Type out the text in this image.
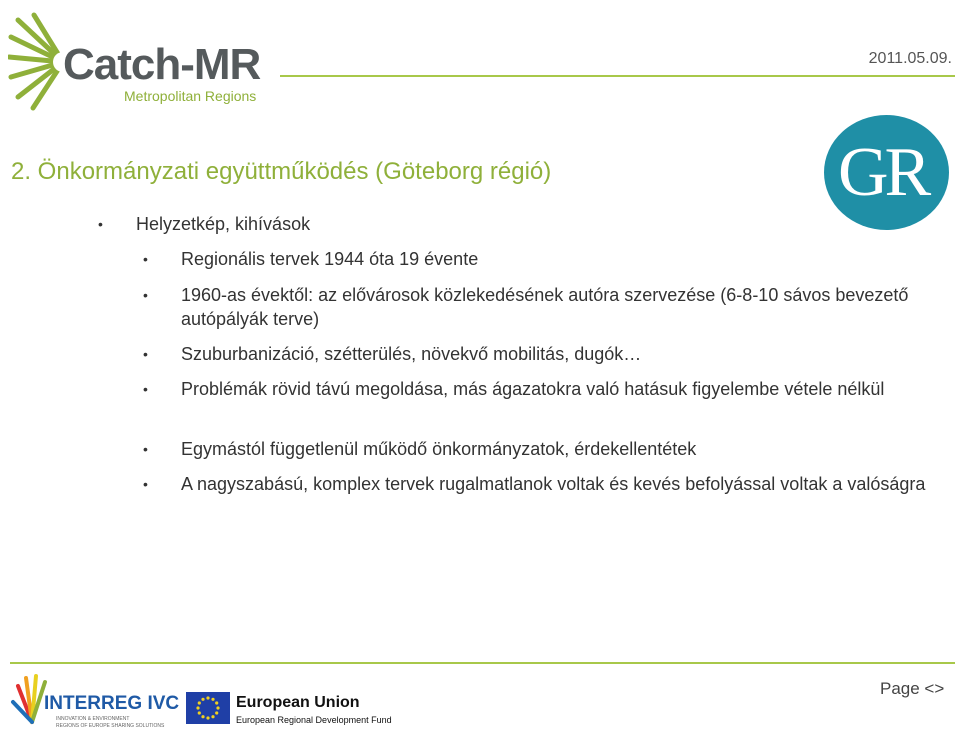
Catch-MR
Metropolitan Regions
2011.05.09.
GR
2. Önkormányzati együttműködés (Göteborg régió)
• Helyzetkép, kihívások
• Regionális tervek 1944 óta 19 évente
• 1960-as évektől: az elővárosok közlekedésének autóra szervezése (6-8-10 sávos bevezető autópályák terve)
• Szuburbanizáció, szétterülés, növekvő mobilitás, dugók…
• Problémák rövid távú megoldása, más ágazatokra való hatásuk figyelembe vétele nélkül
• Egymástól függetlenül működő önkormányzatok, érdekellentétek
• A nagyszabású, komplex tervek rugalmatlanok voltak és kevés befolyással voltak a valóságra
INTERREG IVC
INNOVATION & ENVIRONMENT
REGIONS OF EUROPE SHARING SOLUTIONS
European Union
European Regional Development Fund
Page <>
